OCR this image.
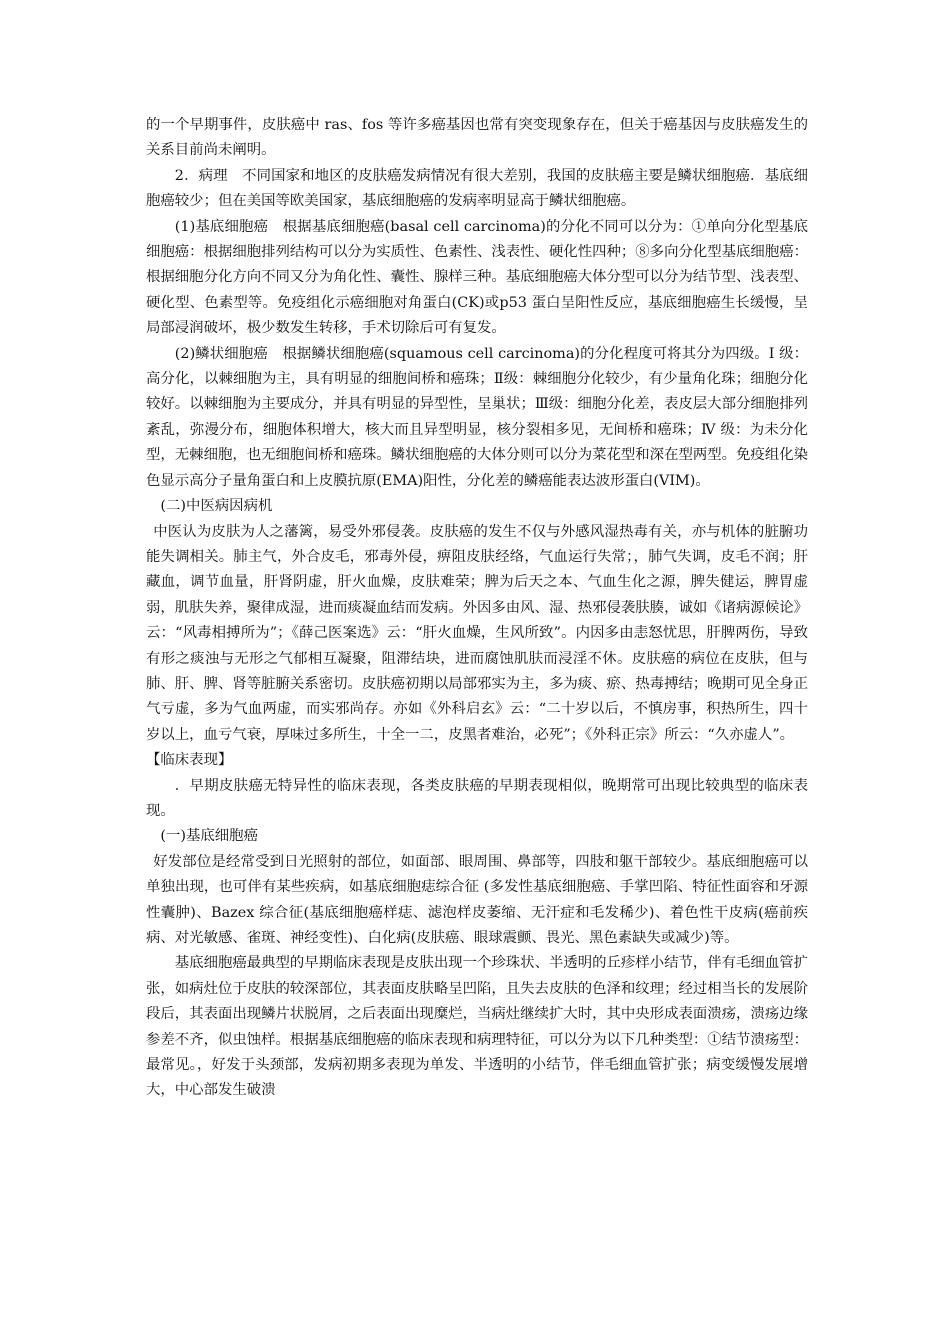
的一个早期事件，皮肤癌中 ras、fos 等许多癌基因也常有突变现象存在，但关于癌基因与皮肤癌发生的关系目前尚未阐明。

2．病理　不同国家和地区的皮肤癌发病情况有很大差别，我国的皮肤癌主要是鳞状细胞癌．基底细胞癌较少；但在美国等欧美国家，基底细胞癌的发病率明显高于鳞状细胞癌。

(1)基底细胞癌　根据基底细胞癌(basal cell carcinoma)的分化不同可以分为：①单向分化型基底细胞癌：根据细胞排列结构可以分为实质性、色素性、浅表性、硬化性四种；⑧多向分化型基底细胞癌：根据细胞分化方向不同又分为角化性、囊性、腺样三种。基底细胞癌大体分型可以分为结节型、浅表型、硬化型、色素型等。免疫组化示癌细胞对角蛋白(CK)或p53 蛋白呈阳性反应，基底细胞癌生长缓慢，呈局部浸润破坏，极少数发生转移，手术切除后可有复发。

(2)鳞状细胞癌　根据鳞状细胞癌(squamous cell carcinoma)的分化程度可将其分为四级。I 级：高分化，以棘细胞为主，具有明显的细胞间桥和癌珠；Ⅱ级：棘细胞分化较少，有少量角化珠；细胞分化较好。以棘细胞为主要成分，并具有明显的异型性，呈巢状；Ⅲ级：细胞分化差，表皮层大部分细胞排列紊乱，弥漫分布，细胞体积增大，核大而且异型明显，核分裂相多见，无间桥和癌珠；Ⅳ 级：为未分化型，无棘细胞，也无细胞间桥和癌珠。鳞状细胞癌的大体分则可以分为菜花型和深在型两型。免疫组化染色显示高分子量角蛋白和上皮膜抗原(EMA)阳性，分化差的鳞癌能表达波形蛋白(VIM)。

(二)中医病因病机

中医认为皮肤为人之藩篱，易受外邪侵袭。皮肤癌的发生不仅与外感风湿热毒有关，亦与机体的脏腑功能失调相关。肺主气，外合皮毛，邪毒外侵，痹阻皮肤经络，气血运行失常；，肺气失调，皮毛不润；肝藏血，调节血量，肝肾阴虚，肝火血燥，皮肤难荣；脾为后天之本、气血生化之源，脾失健运，脾胃虚弱，肌肤失养，聚律成湿，进而痰凝血结而发病。外因多由风、湿、热邪侵袭肤腠，诚如《诸病源候论》云：“风毒相搏所为”；《薛己医案选》云：“肝火血燥，生风所致”。内因多由恚怒忧思，肝脾两伤，导致有形之痰浊与无形之气郁相互凝聚，阻滞结块，进而腐蚀肌肤而浸淫不休。皮肤癌的病位在皮肤，但与肺、肝、脾、肾等脏腑关系密切。皮肤癌初期以局部邪实为主，多为痰、瘀、热毒搏结；晚期可见全身正气亏虚，多为气血两虚，而实邪尚存。亦如《外科启玄》云：“二十岁以后，不慎房事，积热所生，四十岁以上，血亏气衰，厚味过多所生，十全一二，皮黑者难治，必死”；《外科正宗》所云：“久亦虚人”。

【临床表现】

．早期皮肤癌无特异性的临床表现，各类皮肤癌的早期表现相似，晚期常可出现比较典型的临床表现。

(一)基底细胞癌

好发部位是经常受到日光照射的部位，如面部、眼周围、鼻部等，四肢和躯干部较少。基底细胞癌可以单独出现，也可伴有某些疾病，如基底细胞痣综合征 (多发性基底细胞癌、手掌凹陷、特征性面容和牙源性囊肿)、Bazex 综合征(基底细胞癌样痣、滤泡样皮萎缩、无汗症和毛发稀少)、着色性干皮病(癌前疾病、对光敏感、雀斑、神经变性)、白化病(皮肤癌、眼球震颤、畏光、黑色素缺失或减少)等。

基底细胞癌最典型的早期临床表现是皮肤出现一个珍珠状、半透明的丘疹样小结节，伴有毛细血管扩张，如病灶位于皮肤的较深部位，其表面皮肤略呈凹陷，且失去皮肤的色泽和纹理；经过相当长的发展阶段后，其表面出现鳞片状脱屑，之后表面出现糜烂，当病灶继续扩大时，其中央形成表面溃疡，溃疡边缘参差不齐，似虫蚀样。根据基底细胞癌的临床表现和病理特征，可以分为以下几种类型：①结节溃疡型：最常见。，好发于头颈部，发病初期多表现为单发、半透明的小结节，伴毛细血管扩张；病变缓慢发展增大，中心部发生破溃
